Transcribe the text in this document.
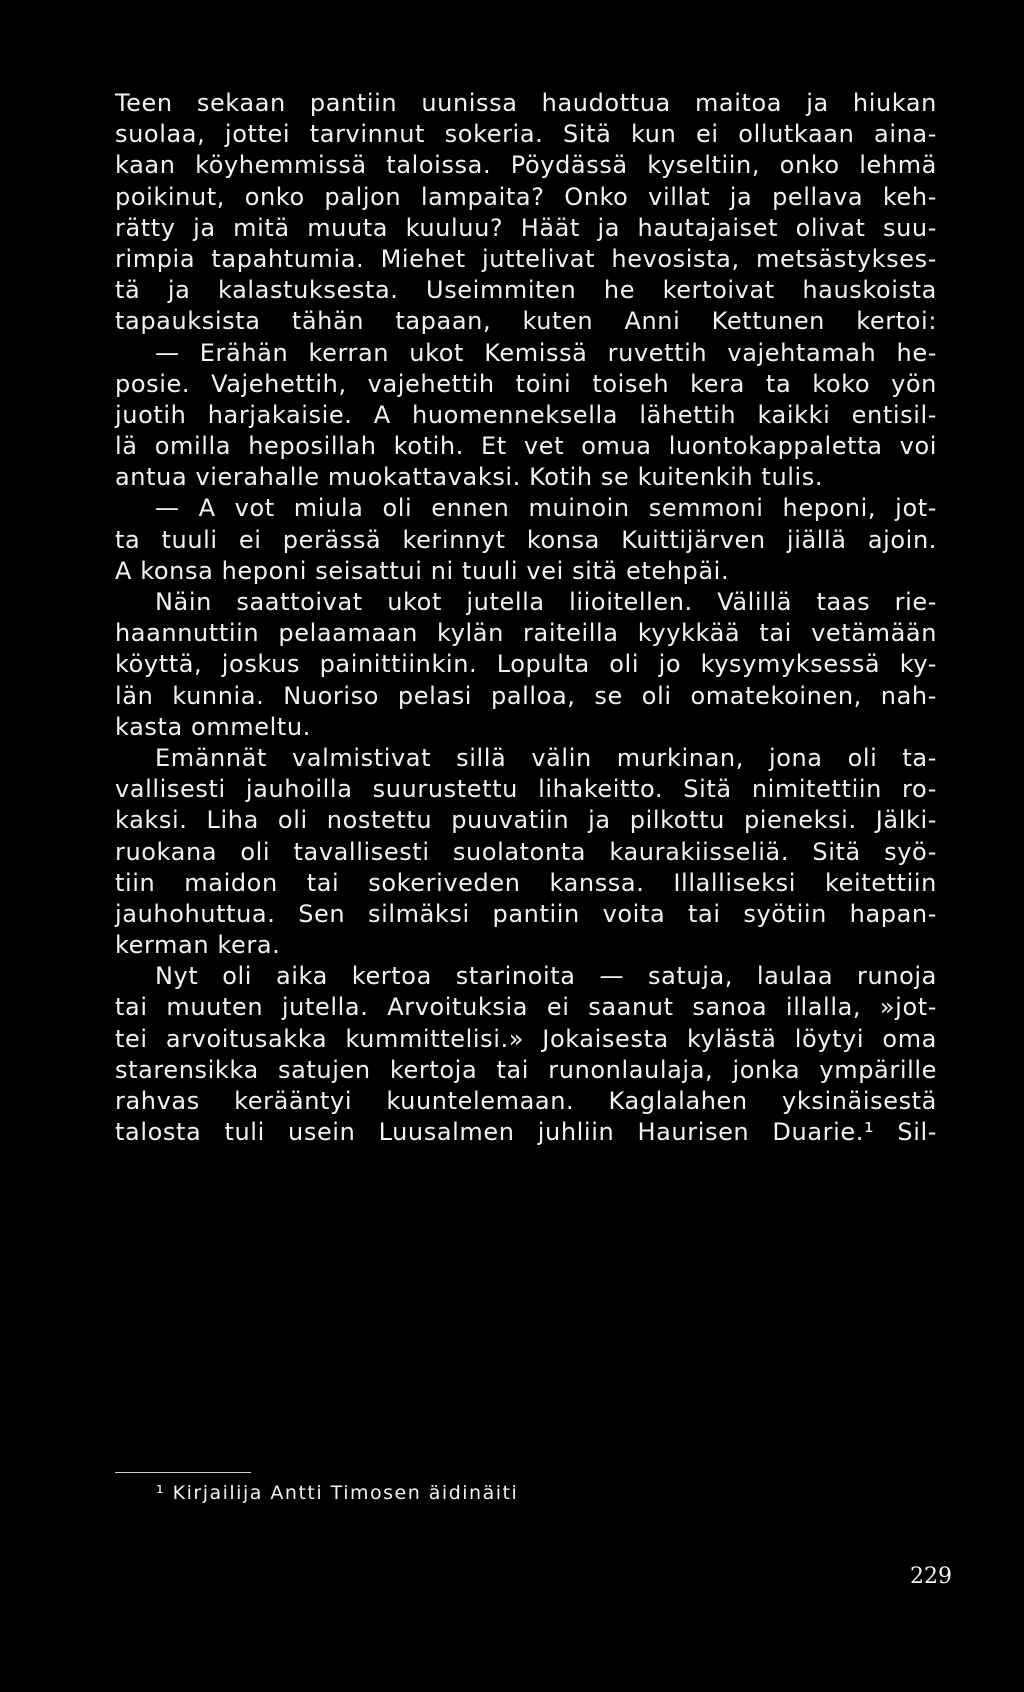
Teen sekaan pantiin uunissa haudottua maitoa ja hiukan
suolaa, jottei tarvinnut sokeria. Sitä kun ei ollutkaan aina-
kaan köyhemmissä taloissa. Pöydässä kyseltiin, onko lehmä
poikinut, onko paljon lampaita? Onko villat ja pellava keh-
rätty ja mitä muuta kuuluu? Häät ja hautajaiset olivat suu-
rimpia tapahtumia. Miehet juttelivat hevosista, metsästykses-
tä ja kalastuksesta. Useimmiten he kertoivat hauskoista
tapauksista tähän tapaan, kuten Anni Kettunen kertoi:
— Erähän kerran ukot Kemissä ruvettih vajehtamah he-
posie. Vajehettih, vajehettih toini toiseh kera ta koko yön
juotih harjakaisie. A huomenneksella lähettih kaikki entisil-
lä omilla heposillah kotih. Et vet omua luontokappaletta voi
antua vierahalle muokattavaksi. Kotih se kuitenkih tulis.
— A vot miula oli ennen muinoin semmoni heponi, jot-
ta tuuli ei perässä kerinnyt konsa Kuittijärven jiällä ajoin.
A konsa heponi seisattui ni tuuli vei sitä etehpäi.
Näin saattoivat ukot jutella liioitellen. Välillä taas rie-
haannuttiin pelaamaan kylän raiteilla kyykkää tai vetämään
köyttä, joskus painittiinkin. Lopulta oli jo kysymyksessä ky-
län kunnia. Nuoriso pelasi palloa, se oli omatekoinen, nah-
kasta ommeltu.
Emännät valmistivat sillä välin murkinan, jona oli ta-
vallisesti jauhoilla suurustettu lihakeitto. Sitä nimitettiin ro-
kaksi. Liha oli nostettu puuvatiin ja pilkottu pieneksi. Jälki-
ruokana oli tavallisesti suolatonta kaurakiisseliä. Sitä syö-
tiin maidon tai sokeriveden kanssa. Illalliseksi keitettiin
jauhohuttua. Sen silmäksi pantiin voita tai syötiin hapan-
kerman kera.
Nyt oli aika kertoa starinoita — satuja, laulaa runoja
tai muuten jutella. Arvoituksia ei saanut sanoa illalla, »jot-
tei arvoitusakka kummittelisi.» Jokaisesta kylästä löytyi oma
starensikka satujen kertoja tai runonlaulaja, jonka ympärille
rahvas kerääntyi kuuntelemaan. Kaglalahen yksinäisestä
talosta tuli usein Luusalmen juhliin Haurisen Duarie.¹ Sil-
¹ Kirjailija Antti Timosen äidinäiti
229
